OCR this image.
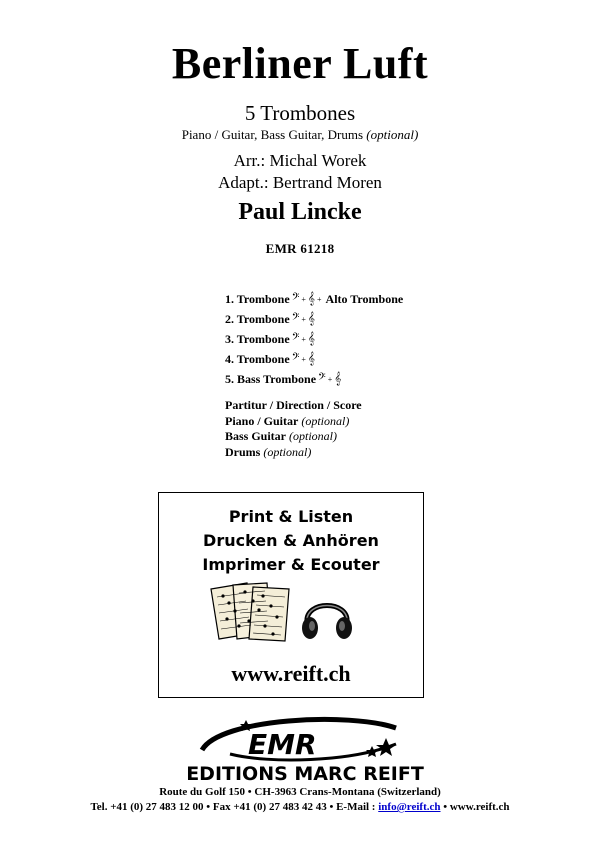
Berliner Luft
5 Trombones
Piano / Guitar, Bass Guitar, Drums (optional)
Arr.: Michal Worek
Adapt.: Bertrand Moren
Paul Lincke
EMR 61218
1. Trombone 𝄢 + 𝄞 + Alto Trombone
2. Trombone 𝄢 + 𝄞
3. Trombone 𝄢 + 𝄞
4. Trombone 𝄢 + 𝄞
5. Bass Trombone 𝄢 + 𝄞
Partitur / Direction / Score
Piano / Guitar (optional)
Bass Guitar (optional)
Drums (optional)
Print & Listen
Drucken & Anhören
Imprimer & Ecouter
www.reift.ch
EMR
EDITIONS MARC REIFT
Route du Golf 150 • CH-3963 Crans-Montana (Switzerland)
Tel. +41 (0) 27 483 12 00 • Fax +41 (0) 27 483 42 43 • E-Mail : info@reift.ch • www.reift.ch
